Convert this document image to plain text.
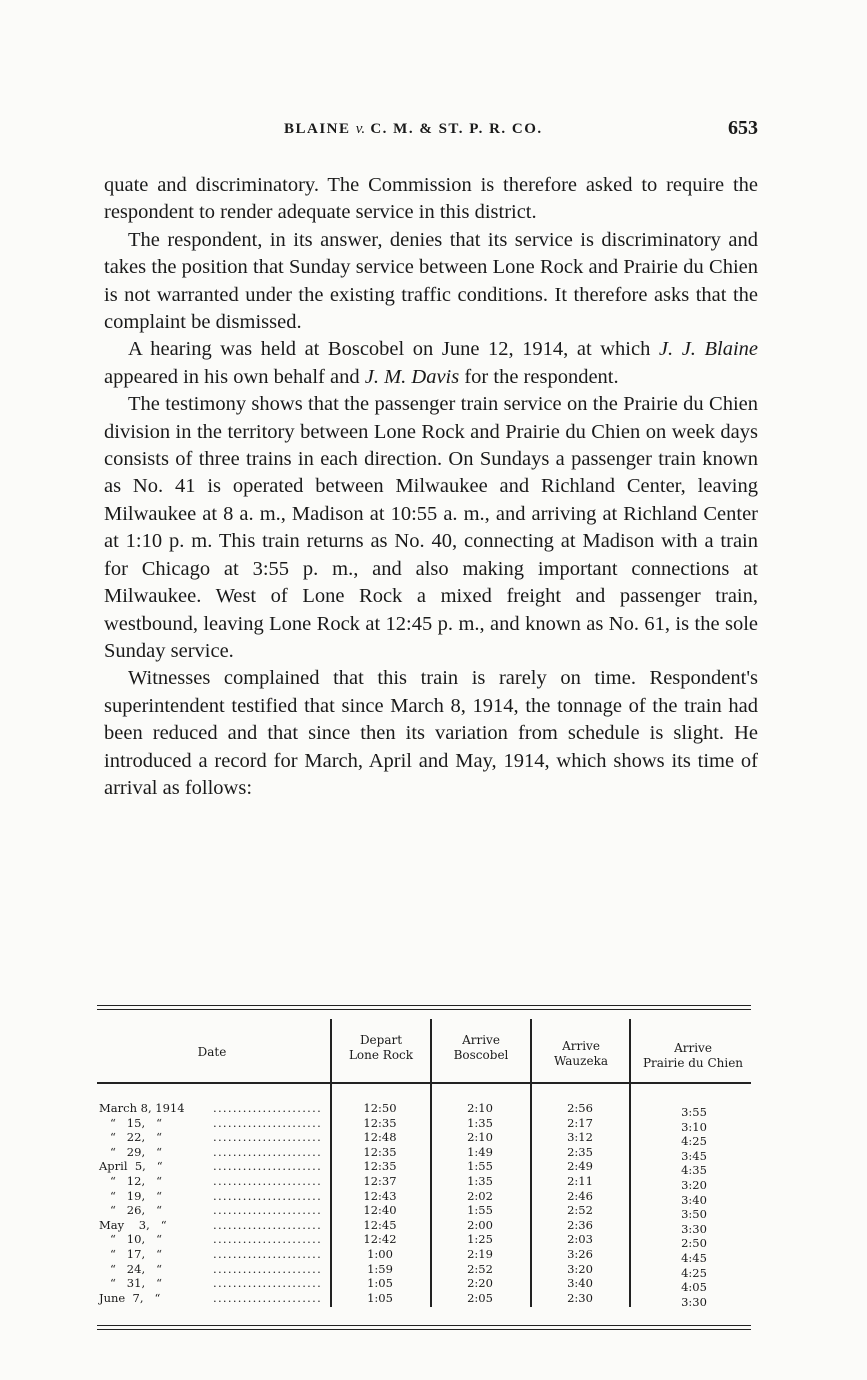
BLAINE v. C. M. & ST. P. R. CO.	653

quate and discriminatory. The Commission is therefore asked to require the respondent to render adequate service in this district.

The respondent, in its answer, denies that its service is discriminatory and takes the position that Sunday service between Lone Rock and Prairie du Chien is not warranted under the existing traffic conditions. It therefore asks that the complaint be dismissed.

A hearing was held at Boscobel on June 12, 1914, at which J. J. Blaine appeared in his own behalf and J. M. Davis for the respondent.

The testimony shows that the passenger train service on the Prairie du Chien division in the territory between Lone Rock and Prairie du Chien on week days consists of three trains in each direction. On Sundays a passenger train known as No. 41 is operated between Milwaukee and Richland Center, leaving Milwaukee at 8 a. m., Madison at 10:55 a. m., and arriving at Richland Center at 1:10 p. m. This train returns as No. 40, connecting at Madison with a train for Chicago at 3:55 p. m., and also making important connections at Milwaukee. West of Lone Rock a mixed freight and passenger train, westbound, leaving Lone Rock at 12:45 p. m., and known as No. 61, is the sole Sunday service.

Witnesses complained that this train is rarely on time. Respondent's superintendent testified that since March 8, 1914, the tonnage of the train had been reduced and that since then its variation from schedule is slight. He introduced a record for March, April and May, 1914, which shows its time of arrival as follows:

Date
Depart
Lone Rock
Arrive
Boscobel
Arrive
Wauzeka
Arrive
Prairie du Chien
March 8, 1914 ......................	12:50	2:10	2:56	3:55
“   15,   “	......................	12:35	1:35	2:17	3:10
“   22,   “	......................	12:48	2:10	3:12	4:25
“   29,   “	......................	12:35	1:49	2:35	3:45
April  5,   “	......................	12:35	1:55	2:49	4:35
“   12,   “	......................	12:37	1:35	2:11	3:20
“   19,   “	......................	12:43	2:02	2:46	3:40
“   26,   “	......................	12:40	1:55	2:52	3:50
May    3,   “	......................	12:45	2:00	2:36	3:30
“   10,   “	......................	12:42	1:25	2:03	2:50
“   17,   “	......................	1:00	2:19	3:26	4:45
“   24,   “	......................	1:59	2:52	3:20	4:25
“   31,   “	......................	1:05	2:20	3:40	4:05
June  7,   “	......................	1:05	2:05	2:30	3:30
